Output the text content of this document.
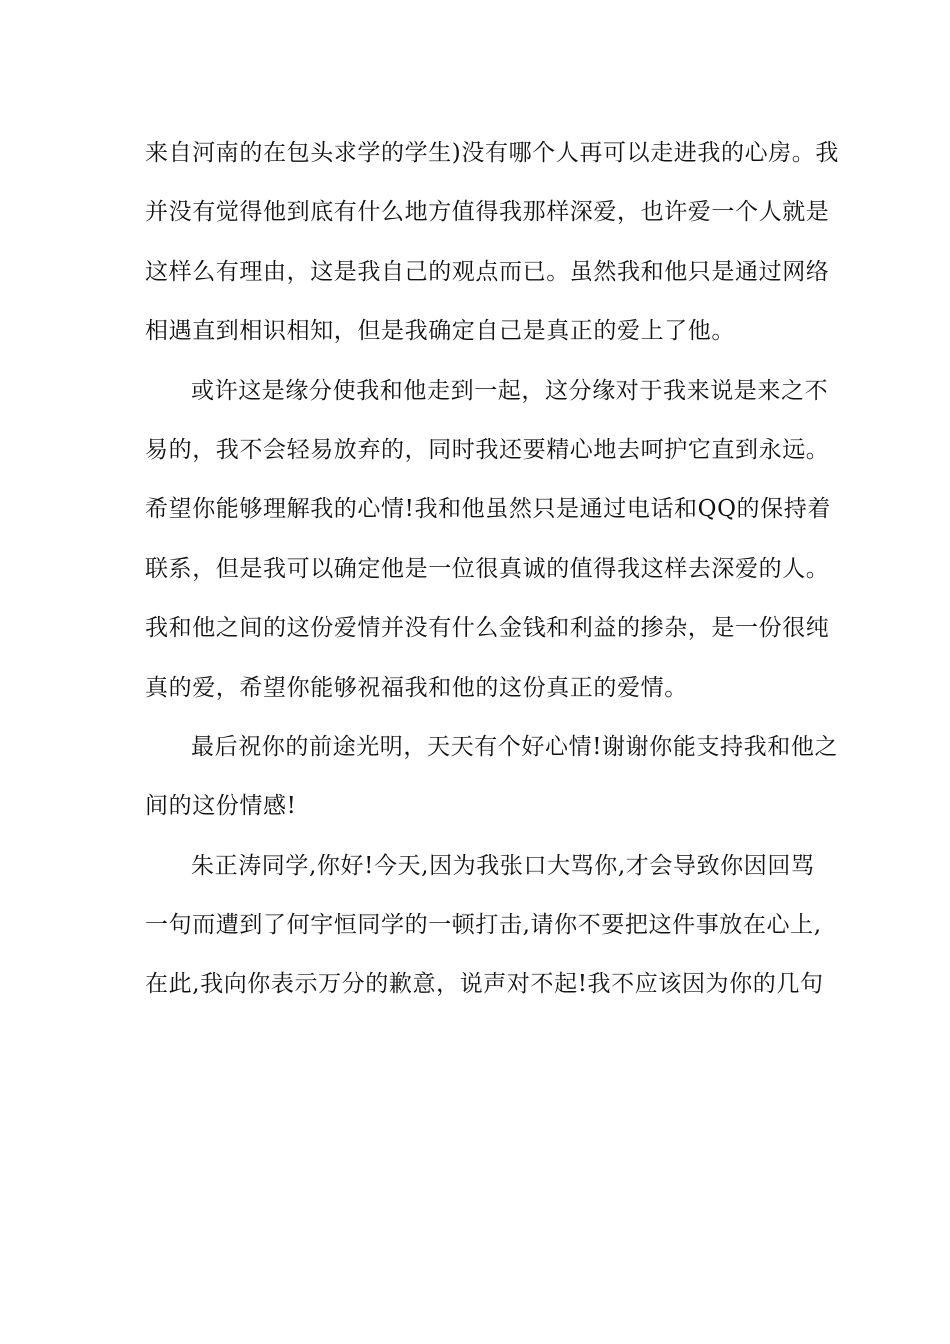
来自河南的在包头求学的学生)没有哪个人再可以走进我的心房。我
并没有觉得他到底有什么地方值得我那样深爱，也许爱一个人就是
这样么有理由，这是我自己的观点而已。虽然我和他只是通过网络
相遇直到相识相知，但是我确定自己是真正的爱上了他。
或许这是缘分使我和他走到一起，这分缘对于我来说是来之不
易的，我不会轻易放弃的，同时我还要精心地去呵护它直到永远。
希望你能够理解我的心情!我和他虽然只是通过电话和QQ的保持着
联系，但是我可以确定他是一位很真诚的值得我这样去深爱的人。
我和他之间的这份爱情并没有什么金钱和利益的掺杂，是一份很纯
真的爱，希望你能够祝福我和他的这份真正的爱情。
最后祝你的前途光明，天天有个好心情!谢谢你能支持我和他之
间的这份情感!
朱正涛同学,你好!今天,因为我张口大骂你,才会导致你因回骂
一句而遭到了何宇恒同学的一顿打击,请你不要把这件事放在心上,
在此,我向你表示万分的歉意，说声对不起!我不应该因为你的几句
